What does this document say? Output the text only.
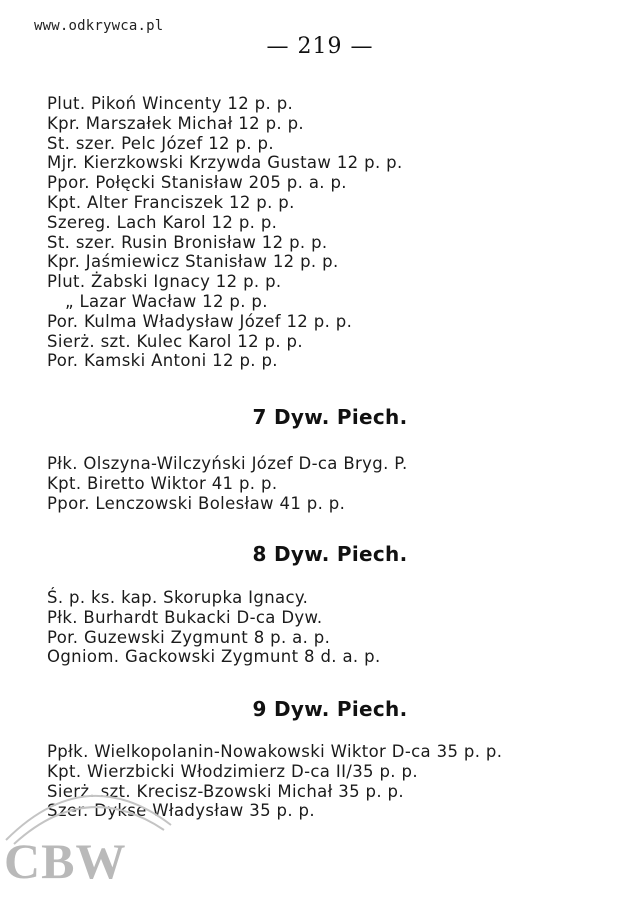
www.odkrywca.pl
— 219 —
Plut. Pikoń Wincenty 12 p. p.
Kpr. Marszałek Michał 12 p. p.
St. szer. Pelc Józef 12 p. p.
Mjr. Kierzkowski Krzywda Gustaw 12 p. p.
Ppor. Połęcki Stanisław 205 p. a. p.
Kpt. Alter Franciszek 12 p. p.
Szereg. Lach Karol 12 p. p.
St. szer. Rusin Bronisław 12 p. p.
Kpr. Jaśmiewicz Stanisław 12 p. p.
Plut. Żabski Ignacy 12 p. p.
„ Lazar Wacław 12 p. p.
Por. Kulma Władysław Józef 12 p. p.
Sierż. szt. Kulec Karol 12 p. p.
Por. Kamski Antoni 12 p. p.
7 Dyw. Piech.
Płk. Olszyna-Wilczyński Józef D-ca Bryg. P.
Kpt. Biretto Wiktor 41 p. p.
Ppor. Lenczowski Bolesław 41 p. p.
8 Dyw. Piech.
Ś. p. ks. kap. Skorupka Ignacy.
Płk. Burhardt Bukacki D-ca Dyw.
Por. Guzewski Zygmunt 8 p. a. p.
Ogniom. Gackowski Zygmunt 8 d. a. p.
9 Dyw. Piech.
Ppłk. Wielkopolanin-Nowakowski Wiktor D-ca 35 p. p.
Kpt. Wierzbicki Włodzimierz D-ca II/35 p. p.
Sierż. szt. Krecisz-Bzowski Michał 35 p. p.
Szer. Dykse Władysław 35 p. p.
CBW
